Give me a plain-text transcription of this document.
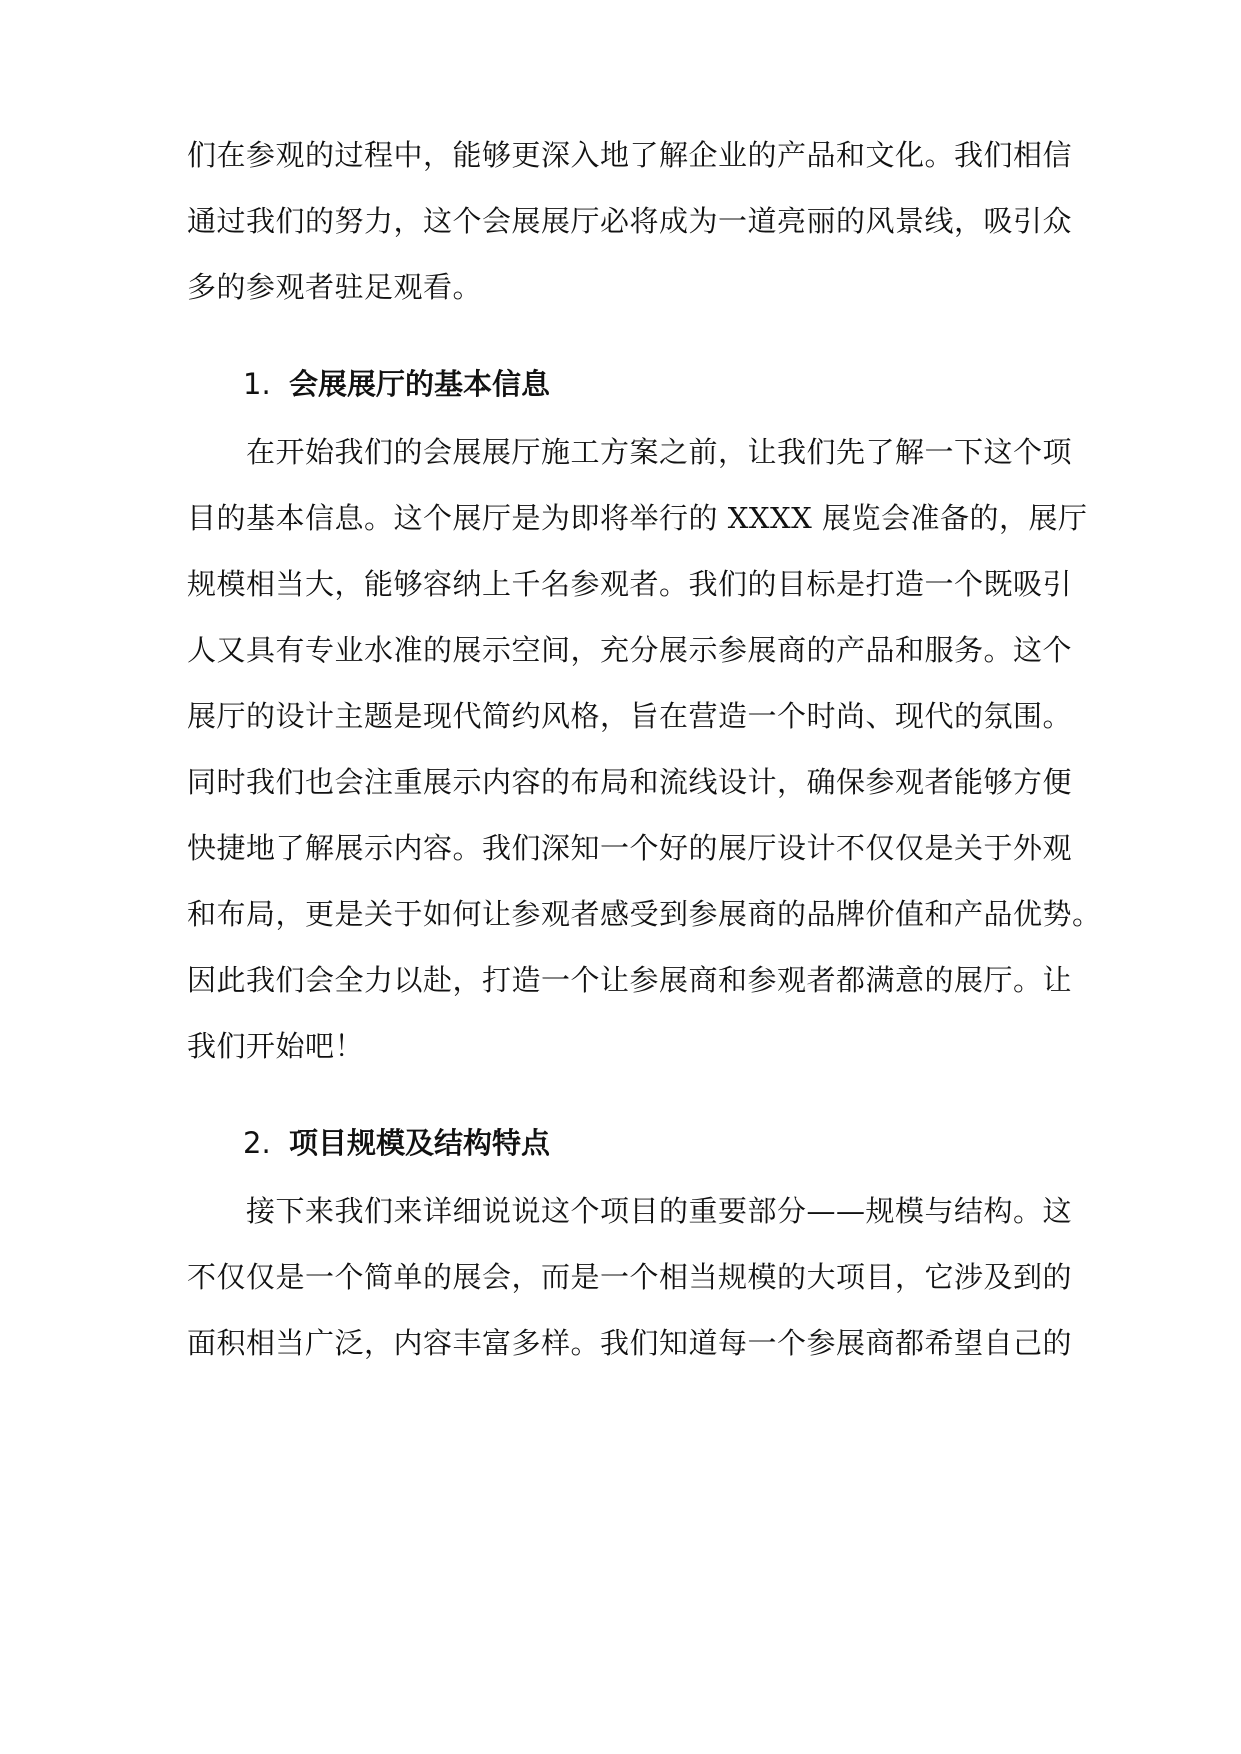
们在参观的过程中，能够更深入地了解企业的产品和文化。我们相信
通过我们的努力，这个会展展厅必将成为一道亮丽的风景线，吸引众
多的参观者驻足观看。
1. 会展展厅的基本信息
　　在开始我们的会展展厅施工方案之前，让我们先了解一下这个项
目的基本信息。这个展厅是为即将举行的 XXXX 展览会准备的，展厅
规模相当大，能够容纳上千名参观者。我们的目标是打造一个既吸引
人又具有专业水准的展示空间，充分展示参展商的产品和服务。这个
展厅的设计主题是现代简约风格，旨在营造一个时尚、现代的氛围。
同时我们也会注重展示内容的布局和流线设计，确保参观者能够方便
快捷地了解展示内容。我们深知一个好的展厅设计不仅仅是关于外观
和布局，更是关于如何让参观者感受到参展商的品牌价值和产品优势。
因此我们会全力以赴，打造一个让参展商和参观者都满意的展厅。让
我们开始吧！
2. 项目规模及结构特点
　　接下来我们来详细说说这个项目的重要部分——规模与结构。这
不仅仅是一个简单的展会，而是一个相当规模的大项目，它涉及到的
面积相当广泛，内容丰富多样。我们知道每一个参展商都希望自己的
